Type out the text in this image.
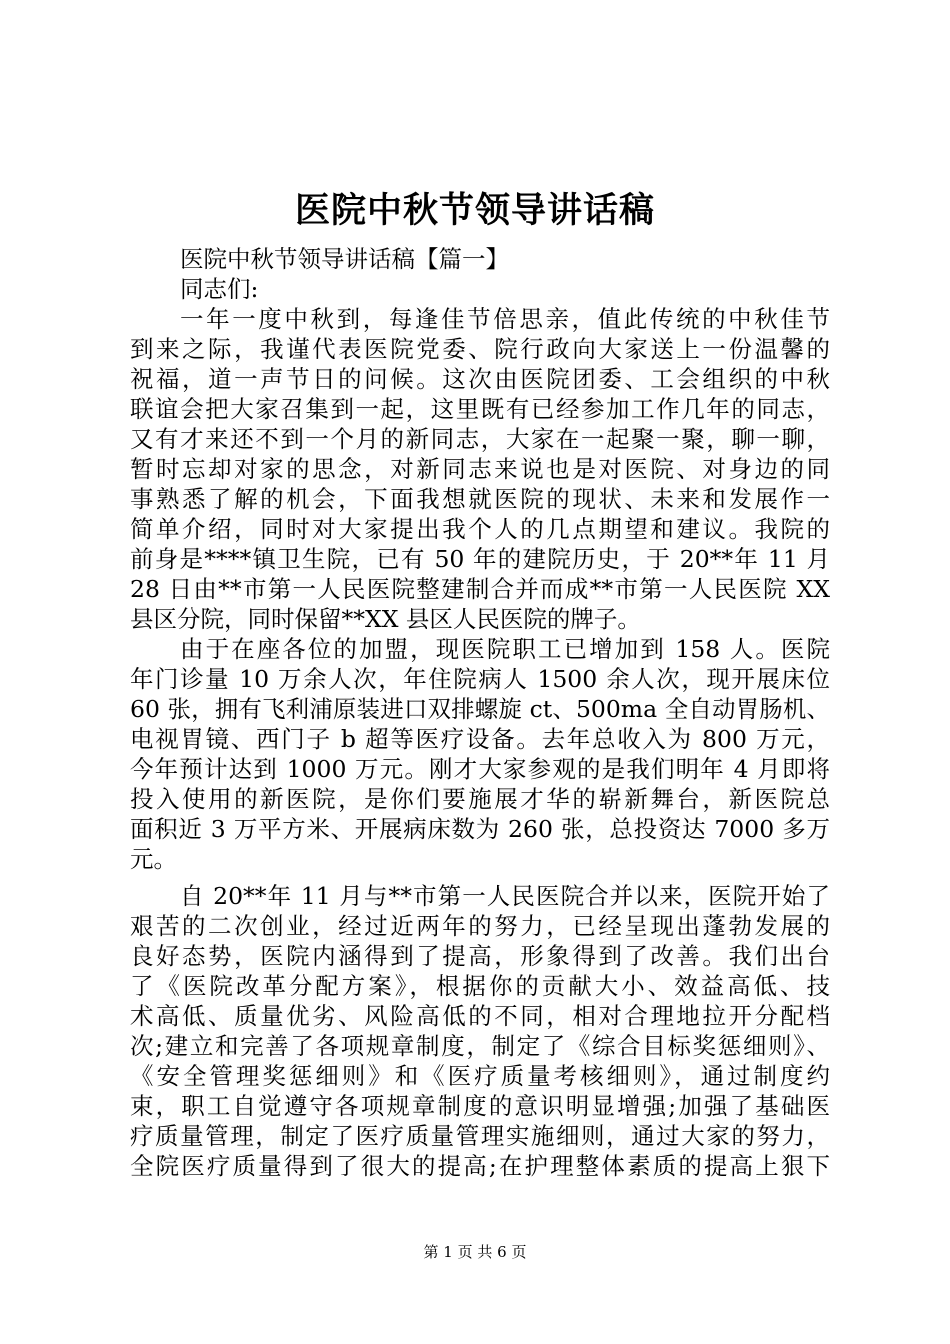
医院中秋节领导讲话稿
医院中秋节领导讲话稿【篇一】
同志们:
一年一度中秋到，每逢佳节倍思亲，值此传统的中秋佳节
到来之际，我谨代表医院党委、院行政向大家送上一份温馨的
祝福，道一声节日的问候。这次由医院团委、工会组织的中秋
联谊会把大家召集到一起，这里既有已经参加工作几年的同志，
又有才来还不到一个月的新同志，大家在一起聚一聚，聊一聊，
暂时忘却对家的思念，对新同志来说也是对医院、对身边的同
事熟悉了解的机会，下面我想就医院的现状、未来和发展作一
简单介绍，同时对大家提出我个人的几点期望和建议。我院的
前身是****镇卫生院，已有 50 年的建院历史，于 20**年 11 月
28 日由**市第一人民医院整建制合并而成**市第一人民医院 XX
县区分院，同时保留**XX 县区人民医院的牌子。
由于在座各位的加盟，现医院职工已增加到 158 人。医院
年门诊量 10 万余人次，年住院病人 1500 余人次，现开展床位
60 张，拥有飞利浦原装进口双排螺旋 ct、500ma 全自动胃肠机、
电视胃镜、西门子 b 超等医疗设备。去年总收入为 800 万元，
今年预计达到 1000 万元。刚才大家参观的是我们明年 4 月即将
投入使用的新医院，是你们要施展才华的崭新舞台，新医院总
面积近 3 万平方米、开展病床数为 260 张，总投资达 7000 多万
元。
自 20**年 11 月与**市第一人民医院合并以来，医院开始了
艰苦的二次创业，经过近两年的努力，已经呈现出蓬勃发展的
良好态势，医院内涵得到了提高，形象得到了改善。我们出台
了《医院改革分配方案》，根据你的贡献大小、效益高低、技
术高低、质量优劣、风险高低的不同，相对合理地拉开分配档
次;建立和完善了各项规章制度，制定了《综合目标奖惩细则》、
《安全管理奖惩细则》和《医疗质量考核细则》，通过制度约
束，职工自觉遵守各项规章制度的意识明显增强;加强了基础医
疗质量管理，制定了医疗质量管理实施细则，通过大家的努力，
全院医疗质量得到了很大的提高;在护理整体素质的提高上狠下
第 1 页 共 6 页
